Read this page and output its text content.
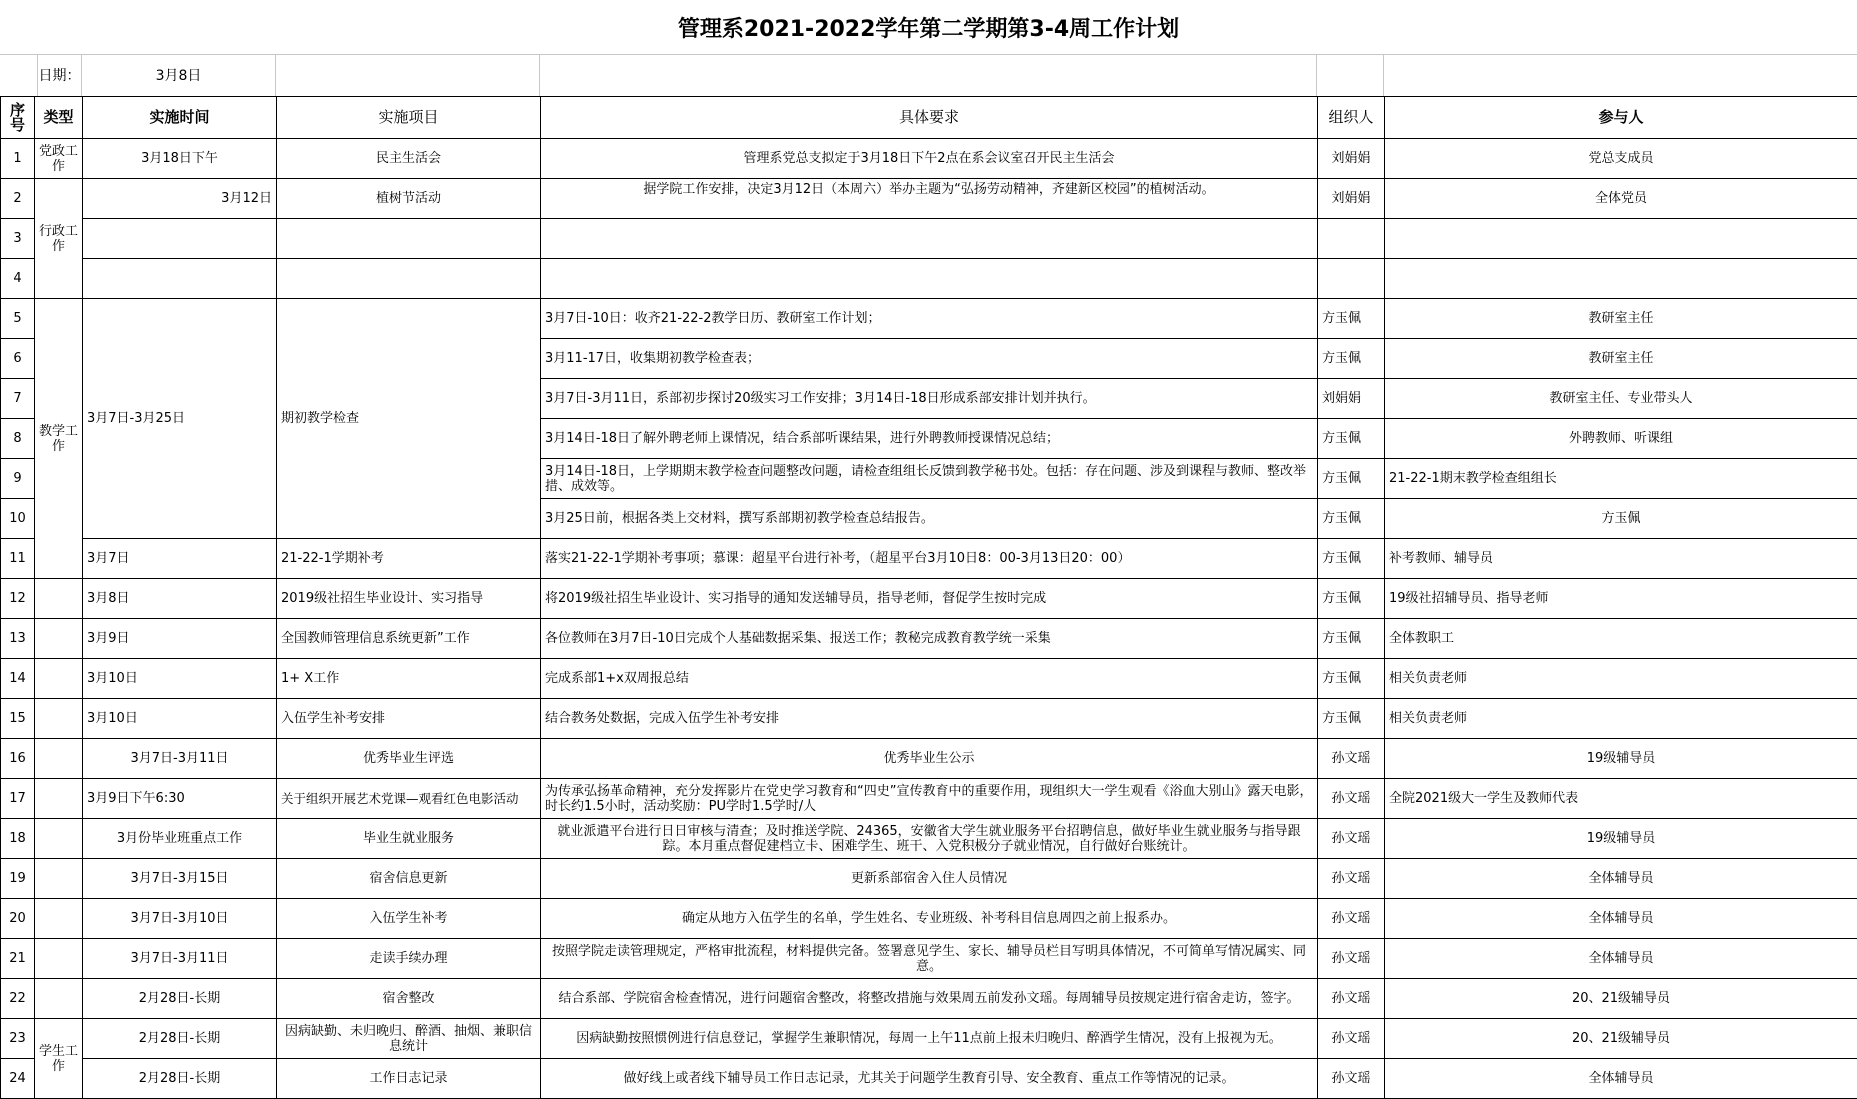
管理系2021-2022学年第二学期第3-4周工作计划
日期：	3月8日
序号	类型	实施时间	实施项目	具体要求	组织人	参与人	
1	党政工作	3月18日下午	民主生活会	管理系党总支拟定于3月18日下午2点在系会议室召开民主生活会	刘娟娟	党总支成员	
2	行政工作	3月12日	植树节活动	据学院工作安排，决定3月12日（本周六）举办主题为“弘扬劳动精神，齐建新区校园”的植树活动。	刘娟娟	全体党员	
3							
4							
5	教学工作	3月7日-3月25日	期初教学检查	3月7日-10日：收齐21-22-2教学日历、教研室工作计划；	方玉佩	教研室主任	
6				3月11-17日，收集期初教学检查表；	方玉佩	教研室主任	
7				3月7日-3月11日，系部初步探讨20级实习工作安排；3月14日-18日形成系部安排计划并执行。	刘娟娟	教研室主任、专业带头人	
8				3月14日-18日了解外聘老师上课情况，结合系部听课结果，进行外聘教师授课情况总结；	方玉佩	外聘教师、听课组	
9				3月14日-18日，上学期期末教学检查问题整改问题，请检查组组长反馈到教学秘书处。包括：存在问题、涉及到课程与教师、整改举措、成效等。	方玉佩	21-22-1期末教学检查组组长	
10				3月25日前，根据各类上交材料，撰写系部期初教学检查总结报告。	方玉佩	方玉佩	
11		3月7日	21-22-1学期补考	落实21-22-1学期补考事项；慕课：超星平台进行补考，（超星平台3月10日8：00-3月13日20：00）	方玉佩	补考教师、辅导员	
12		3月8日	2019级社招生毕业设计、实习指导	将2019级社招生毕业设计、实习指导的通知发送辅导员，指导老师，督促学生按时完成	方玉佩	19级社招辅导员、指导老师	
13		3月9日	全国教师管理信息系统更新”工作	各位教师在3月7日-10日完成个人基础数据采集、报送工作；教秘完成教育教学统一采集	方玉佩	全体教职工	
14		3月10日	1+ X工作	完成系部1+x双周报总结	方玉佩	相关负责老师	
15		3月10日	入伍学生补考安排	结合教务处数据，完成入伍学生补考安排	方玉佩	相关负责老师	
16		3月7日-3月11日	优秀毕业生评选	优秀毕业生公示	孙文瑶	19级辅导员	
17		3月9日下午6:30	关于组织开展艺术党课—观看红色电影活动	为传承弘扬革命精神，充分发挥影片在党史学习教育和“四史”宣传教育中的重要作用，现组织大一学生观看《浴血大别山》露天电影，时长约1.5小时，活动奖励：PU学时1.5学时/人	孙文瑶	全院2021级大一学生及教师代表	
18		3月份毕业班重点工作	毕业生就业服务	就业派遣平台进行日日审核与清查；及时推送学院、24365，安徽省大学生就业服务平台招聘信息，做好毕业生就业服务与指导跟踪。本月重点督促建档立卡、困难学生、班干、入党积极分子就业情况，自行做好台账统计。	孙文瑶	19级辅导员	
19		3月7日-3月15日	宿舍信息更新	更新系部宿舍入住人员情况	孙文瑶	全体辅导员	
20		3月7日-3月10日	入伍学生补考	确定从地方入伍学生的名单，学生姓名、专业班级、补考科目信息周四之前上报系办。	孙文瑶	全体辅导员	
21		3月7日-3月11日	走读手续办理	按照学院走读管理规定，严格审批流程，材料提供完备。签署意见学生、家长、辅导员栏目写明具体情况，不可简单写情况属实、同意。	孙文瑶	全体辅导员	
22		2月28日-长期	宿舍整改	结合系部、学院宿舍检查情况，进行问题宿舍整改，将整改措施与效果周五前发孙文瑶。每周辅导员按规定进行宿舍走访，签字。	孙文瑶	20、21级辅导员	
23	学生工作	2月28日-长期	因病缺勤、未归晚归、醉酒、抽烟、兼职信息统计	因病缺勤按照惯例进行信息登记，掌握学生兼职情况，每周一上午11点前上报未归晚归、醉酒学生情况，没有上报视为无。	孙文瑶	20、21级辅导员	
24		2月28日-长期	工作日志记录	做好线上或者线下辅导员工作日志记录，尤其关于问题学生教育引导、安全教育、重点工作等情况的记录。	孙文瑶	全体辅导员	
